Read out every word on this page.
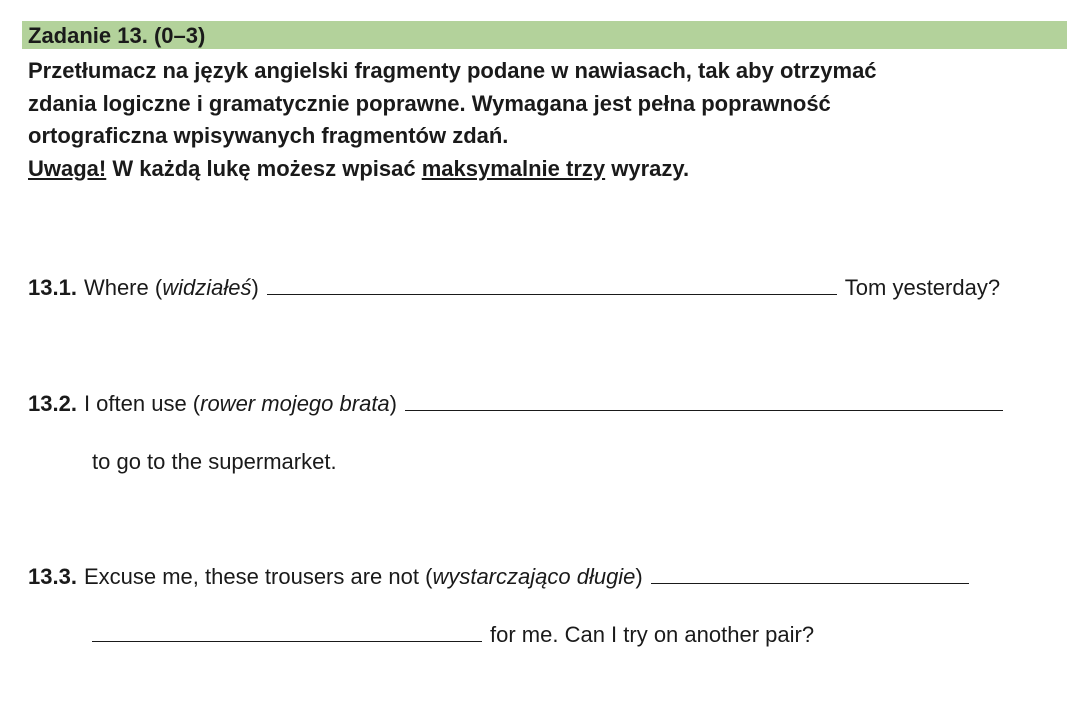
Zadanie 13. (0–3)
Przetłumacz na język angielski fragmenty podane w nawiasach, tak aby otrzymać
zdania logiczne i gramatycznie poprawne. Wymagana jest pełna poprawność
ortograficzna wpisywanych fragmentów zdań.
Uwaga! W każdą lukę możesz wpisać maksymalnie trzy wyrazy.
13.1. Where ( widziałeś )	Tom yesterday?
13.2. I often use ( rower mojego brata )
to go to the supermarket.
13.3. Excuse me, these trousers are not ( wystarczająco długie )
for me. Can I try on another pair?
